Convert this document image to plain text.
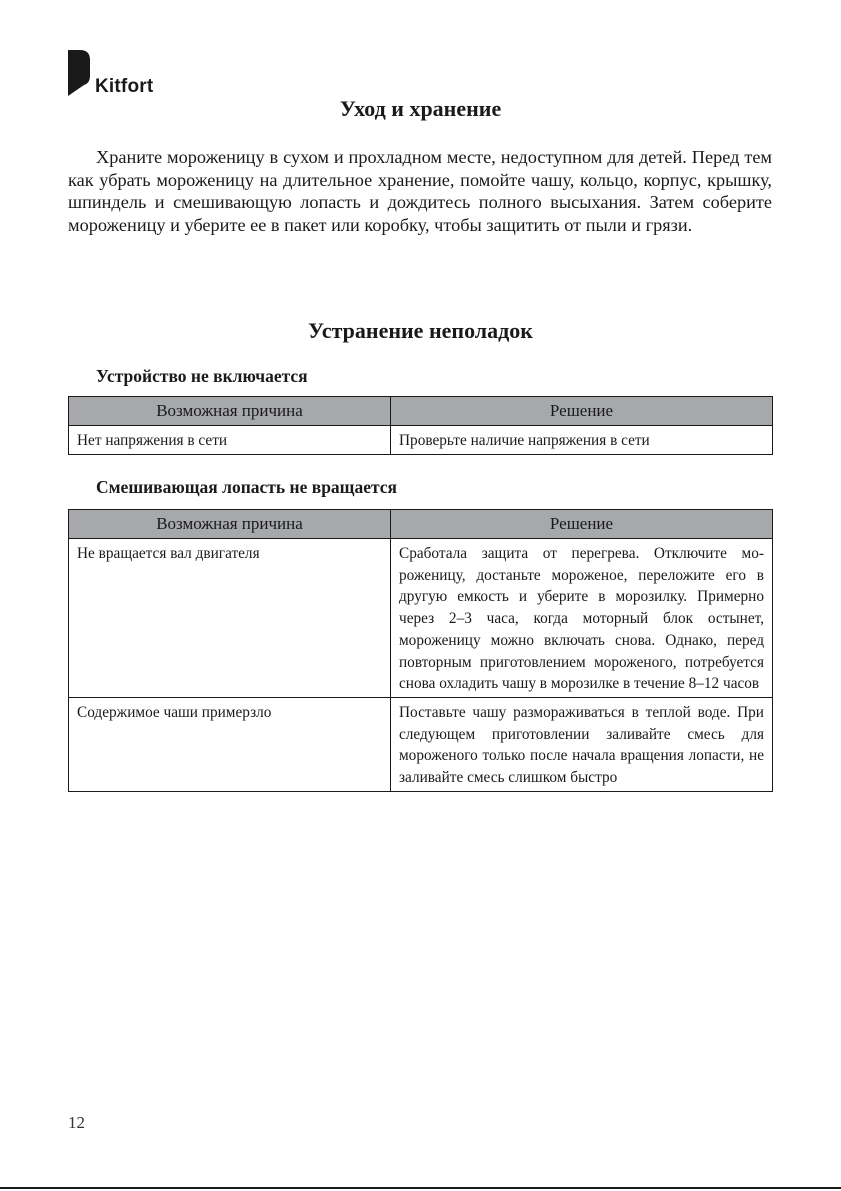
Kitfort
Уход и хранение

Храните мороженицу в сухом и прохладном месте, недоступном для детей. Перед тем как убрать мороженицу на длительное хранение, помойте чашу, кольцо, корпус, крышку, шпиндель и смешивающую лопасть и дождитесь полного высыхания. Затем соберите мороженицу и уберите ее в пакет или коробку, чтобы защитить от пыли и грязи.

Устранение неполадок
Устройство не включается
Возможная причина	Решение
Нет напряжения в сети	Проверьте наличие напряжения в сети
Смешивающая лопасть не вращается
Возможная причина	Решение
Не вращается вал двигателя	Сработала защита от перегрева. Отключите мороженицу, достаньте мороженое, переложите его в другую емкость и уберите в морозилку. Примерно через 2–3 часа, когда моторный блок остынет, мороженицу можно включать снова. Однако, перед повторным приготовлением мороженого, потребуется снова охладить чашу в морозилке в течение 8–12 часов
Содержимое чаши примерзло	Поставьте чашу размораживаться в теплой воде. При следующем приготовлении заливайте смесь для мороженого только после начала вращения лопасти, не заливайте смесь слишком быстро
12
